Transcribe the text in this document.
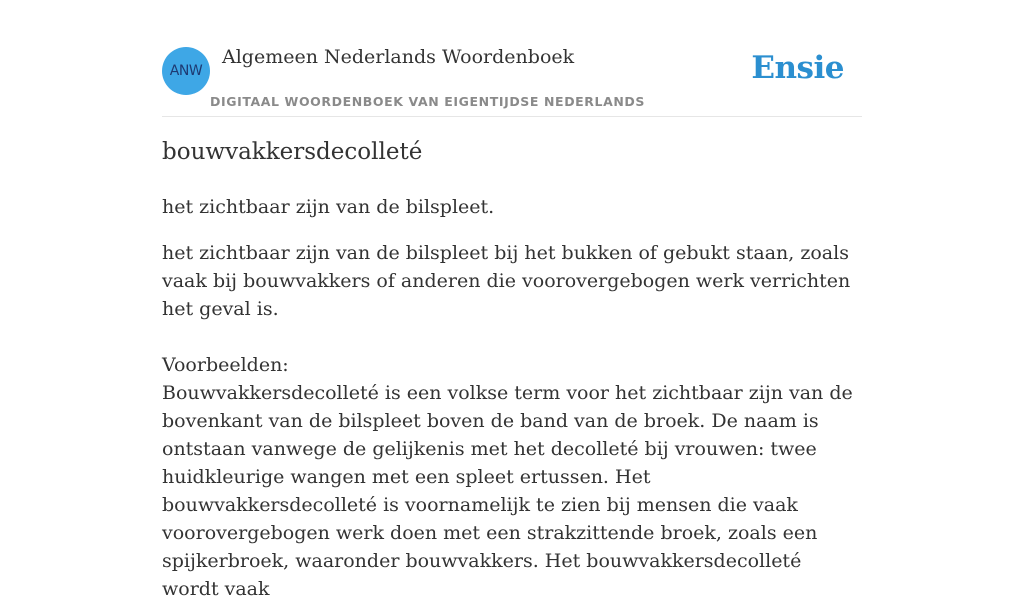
ANW
Algemeen Nederlands Woordenboek
DIGITAAL WOORDENBOEK VAN EIGENTIJDSE NEDERLANDS
Ensie
bouwvakkersdecolleté
het zichtbaar zijn van de bilspleet.

het zichtbaar zijn van de bilspleet bij het bukken of gebukt staan, zoals vaak bij bouwvakkers of anderen die voorovergebogen werk verrichten het geval is.

Voorbeelden:

Bouwvakkersdecolleté is een volkse term voor het zichtbaar zijn van de bovenkant van de bilspleet boven de band van de broek. De naam is ontstaan vanwege de gelijkenis met het decolleté bij vrouwen: twee huidkleurige wangen met een spleet ertussen. Het bouwvakkersdecolleté is voornamelijk te zien bij mensen die vaak voorovergebogen werk doen met een strakzittende broek, zoals een spijkerbroek, waaronder bouwvakkers. Het bouwvakkersdecolleté wordt vaak
